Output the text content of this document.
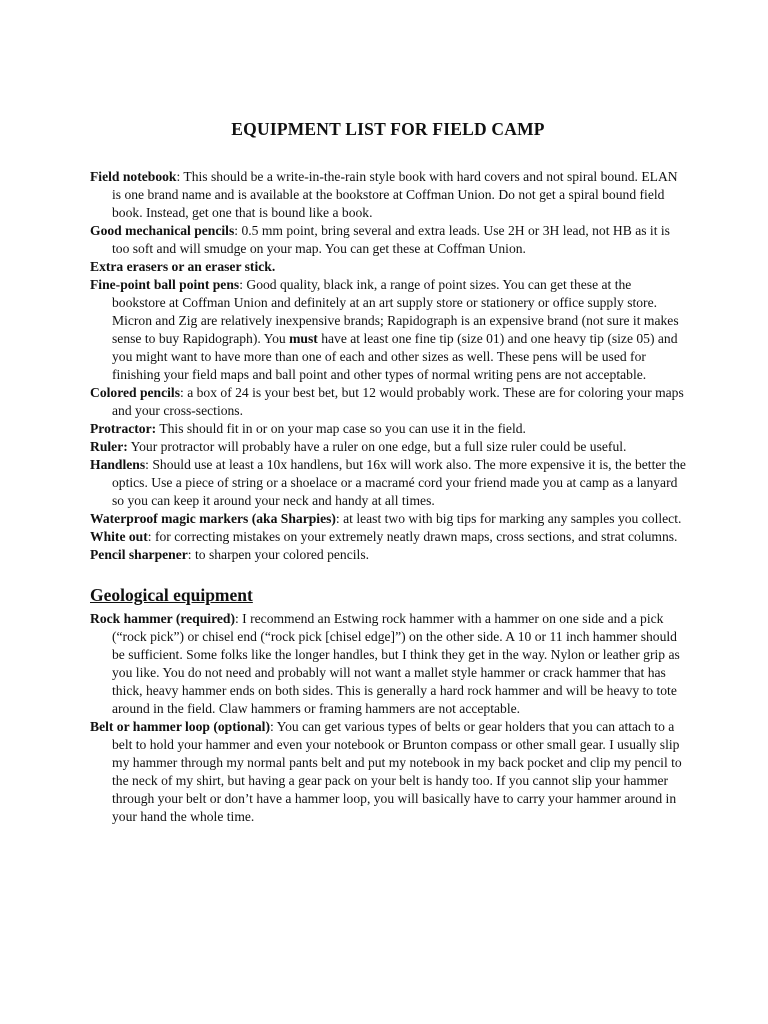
EQUIPMENT LIST FOR FIELD CAMP

Field notebook: This should be a write-in-the-rain style book with hard covers and not spiral bound. ELAN is one brand name and is available at the bookstore at Coffman Union. Do not get a spiral bound field book. Instead, get one that is bound like a book.

Good mechanical pencils: 0.5 mm point, bring several and extra leads. Use 2H or 3H lead, not HB as it is too soft and will smudge on your map. You can get these at Coffman Union.

Extra erasers or an eraser stick.

Fine-point ball point pens: Good quality, black ink, a range of point sizes. You can get these at the bookstore at Coffman Union and definitely at an art supply store or stationery or office supply store. Micron and Zig are relatively inexpensive brands; Rapidograph is an expensive brand (not sure it makes sense to buy Rapidograph). You must have at least one fine tip (size 01) and one heavy tip (size 05) and you might want to have more than one of each and other sizes as well. These pens will be used for finishing your field maps and ball point and other types of normal writing pens are not acceptable.

Colored pencils: a box of 24 is your best bet, but 12 would probably work. These are for coloring your maps and your cross-sections.

Protractor: This should fit in or on your map case so you can use it in the field.

Ruler: Your protractor will probably have a ruler on one edge, but a full size ruler could be useful.

Handlens: Should use at least a 10x handlens, but 16x will work also. The more expensive it is, the better the optics. Use a piece of string or a shoelace or a macramé cord your friend made you at camp as a lanyard so you can keep it around your neck and handy at all times.

Waterproof magic markers (aka Sharpies): at least two with big tips for marking any samples you collect.

White out: for correcting mistakes on your extremely neatly drawn maps, cross sections, and strat columns.

Pencil sharpener: to sharpen your colored pencils.

Geological equipment

Rock hammer (required): I recommend an Estwing rock hammer with a hammer on one side and a pick (“rock pick”) or chisel end (“rock pick [chisel edge]”) on the other side. A 10 or 11 inch hammer should be sufficient. Some folks like the longer handles, but I think they get in the way. Nylon or leather grip as you like. You do not need and probably will not want a mallet style hammer or crack hammer that has thick, heavy hammer ends on both sides. This is generally a hard rock hammer and will be heavy to tote around in the field. Claw hammers or framing hammers are not acceptable.

Belt or hammer loop (optional): You can get various types of belts or gear holders that you can attach to a belt to hold your hammer and even your notebook or Brunton compass or other small gear. I usually slip my hammer through my normal pants belt and put my notebook in my back pocket and clip my pencil to the neck of my shirt, but having a gear pack on your belt is handy too. If you cannot slip your hammer through your belt or don’t have a hammer loop, you will basically have to carry your hammer around in your hand the whole time.
